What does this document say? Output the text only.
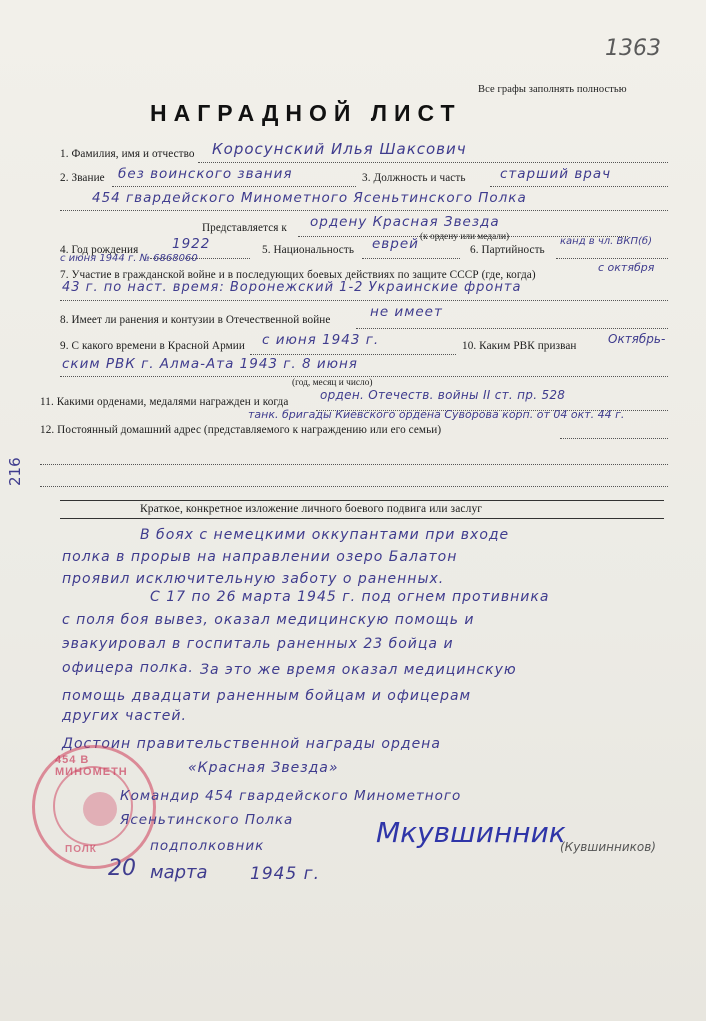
1363
Все графы заполнять полностью
НАГРАДНОЙ ЛИСТ
1. Фамилия, имя и отчество Коросунский Илья Шаксович
2. Звание без воинского звания	3. Должность и часть	старший врач
454 гвардейского Минометного Ясеньтинского Полка
Представляется к ордену Красная Звезда
(к ордену или медали)
4. Год рождения 1922	5. Национальность еврей	6. Партийность
канд в чл. ВКП(б)
с июня 1944 г. № 6868060
7. Участие в гражданской войне и в последующих боевых действиях по защите СССР (где, когда)
с октября
43 г. по наст. время: Воронежский 1-2 Украинские фронта
8. Имеет ли ранения и контузии в Отечественной войне	не имеет
9. С какого времени в Красной Армии с июня 1943 г.	10. Каким РВК призван	Октябрь-
ским РВК г. Алма-Ата 1943 г. 8 июня
(год, месяц и число)
11. Какими орденами, медалями награжден и когда	орден. Отечеств. войны II ст. пр. 528
танк. бригады Киевского ордена Суворова корп. от 04 окт. 44 г.
12. Постоянный домашний адрес (представляемого к награждению или его семьи)
Краткое, конкретное изложение личного боевого подвига или заслуг
В боях с немецкими оккупантами при входе
полка в прорыв на направлении озеро Балатон
проявил исключительную заботу о раненных.
С 17 по 26 марта 1945 г. под огнем противника
с поля боя вывез, оказал медицинскую помощь и
эвакуировал в госпиталь раненных 23 бойца и
офицера полка. За это же время оказал медицинскую
помощь двадцати раненным бойцам и офицерам
других частей.
Достоин правительственной награды ордена
«Красная Звезда»
454 В МИНОМЕТН
ПОЛК
Командир 454 гвардейского Минометного
Ясеньтинского Полка
подполковник	Мкувшинник
(Кувшинников)
20 марта 1945 г.
216
